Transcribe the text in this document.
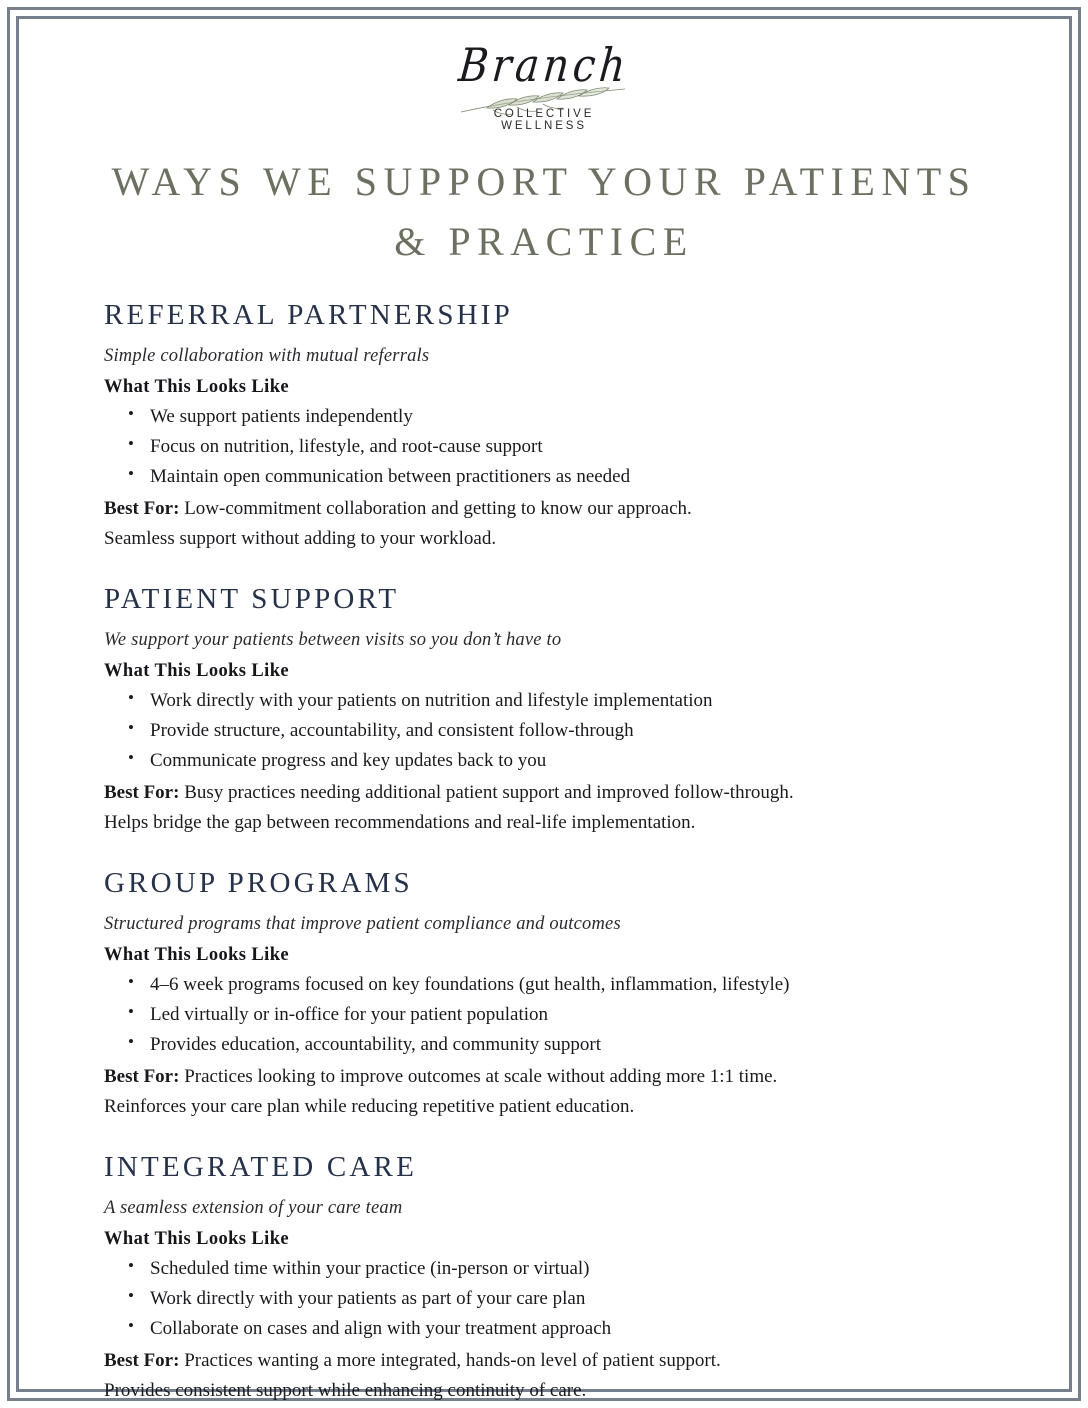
Branch
COLLECTIVE WELLNESS
WAYS WE SUPPORT YOUR PATIENTS
& PRACTICE
REFERRAL PARTNERSHIP

Simple collaboration with mutual referrals

What This Looks Like

• We support patients independently
• Focus on nutrition, lifestyle, and root-cause support
• Maintain open communication between practitioners as needed

Best For: Low-commitment collaboration and getting to know our approach.

Seamless support without adding to your workload.

PATIENT SUPPORT

We support your patients between visits so you don’t have to

What This Looks Like

• Work directly with your patients on nutrition and lifestyle implementation
• Provide structure, accountability, and consistent follow-through
• Communicate progress and key updates back to you

Best For: Busy practices needing additional patient support and improved follow-through.

Helps bridge the gap between recommendations and real-life implementation.

GROUP PROGRAMS

Structured programs that improve patient compliance and outcomes

What This Looks Like

• 4–6 week programs focused on key foundations (gut health, inflammation, lifestyle)
• Led virtually or in-office for your patient population
• Provides education, accountability, and community support

Best For: Practices looking to improve outcomes at scale without adding more 1:1 time.

Reinforces your care plan while reducing repetitive patient education.

INTEGRATED CARE

A seamless extension of your care team

What This Looks Like

• Scheduled time within your practice (in-person or virtual)
• Work directly with your patients as part of your care plan
• Collaborate on cases and align with your treatment approach

Best For: Practices wanting a more integrated, hands-on level of patient support.

Provides consistent support while enhancing continuity of care.
